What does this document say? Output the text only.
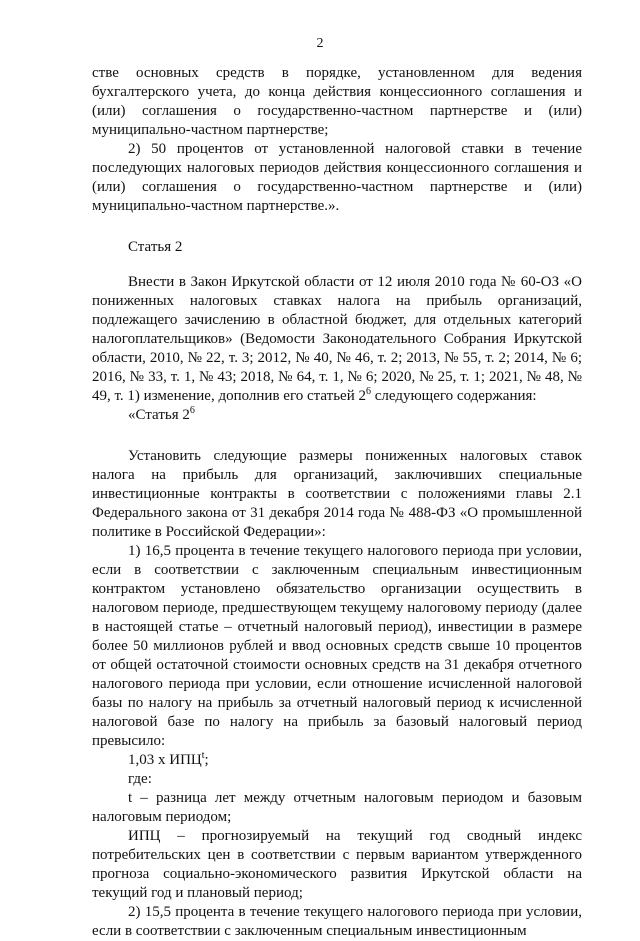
2

стве основных средств в порядке, установленном для ведения бухгалтерского учета, до конца действия концессионного соглашения и (или) соглашения о государственно-частном партнерстве и (или) муниципально-частном партнерстве;

2) 50 процентов от установленной налоговой ставки в течение последующих налоговых периодов действия концессионного соглашения и (или) соглашения о государственно-частном партнерстве и (или) муниципально-частном партнерстве.».

Статья 2

Внести в Закон Иркутской области от 12 июля 2010 года № 60-ОЗ «О пониженных налоговых ставках налога на прибыль организаций, подлежащего зачислению в областной бюджет, для отдельных категорий налогоплательщиков» (Ведомости Законодательного Собрания Иркутской области, 2010, № 22, т. 3; 2012, № 40, № 46, т. 2; 2013, № 55, т. 2; 2014, № 6; 2016, № 33, т. 1, № 43; 2018, № 64, т. 1, № 6; 2020, № 25, т. 1; 2021, № 48, № 49, т. 1) изменение, дополнив его статьей $2^6$ следующего содержания:

«Статья $2^6$

Установить следующие размеры пониженных налоговых ставок налога на прибыль для организаций, заключивших специальные инвестиционные контракты в соответствии с положениями главы 2.1 Федерального закона от 31 декабря 2014 года № 488-ФЗ «О промышленной политике в Российской Федерации»:

1) 16,5 процента в течение текущего налогового периода при условии, если в соответствии с заключенным специальным инвестиционным контрактом установлено обязательство организации осуществить в налоговом периоде, предшествующем текущему налоговому периоду (далее в настоящей статье – отчетный налоговый период), инвестиции в размере более 50 миллионов рублей и ввод основных средств свыше 10 процентов от общей остаточной стоимости основных средств на 31 декабря отчетного налогового периода при условии, если отношение исчисленной налоговой базы по налогу на прибыль за отчетный налоговый период к исчисленной налоговой базе по налогу на прибыль за базовый налоговый период превысило:

1,03 х ИПЦ$^t$;

где:

t – разница лет между отчетным налоговым периодом и базовым налоговым периодом;

ИПЦ – прогнозируемый на текущий год сводный индекс потребительских цен в соответствии с первым вариантом утвержденного прогноза социально-экономического развития Иркутской области на текущий год и плановый период;

2) 15,5 процента в течение текущего налогового периода при условии, если в соответствии с заключенным специальным инвестиционным
